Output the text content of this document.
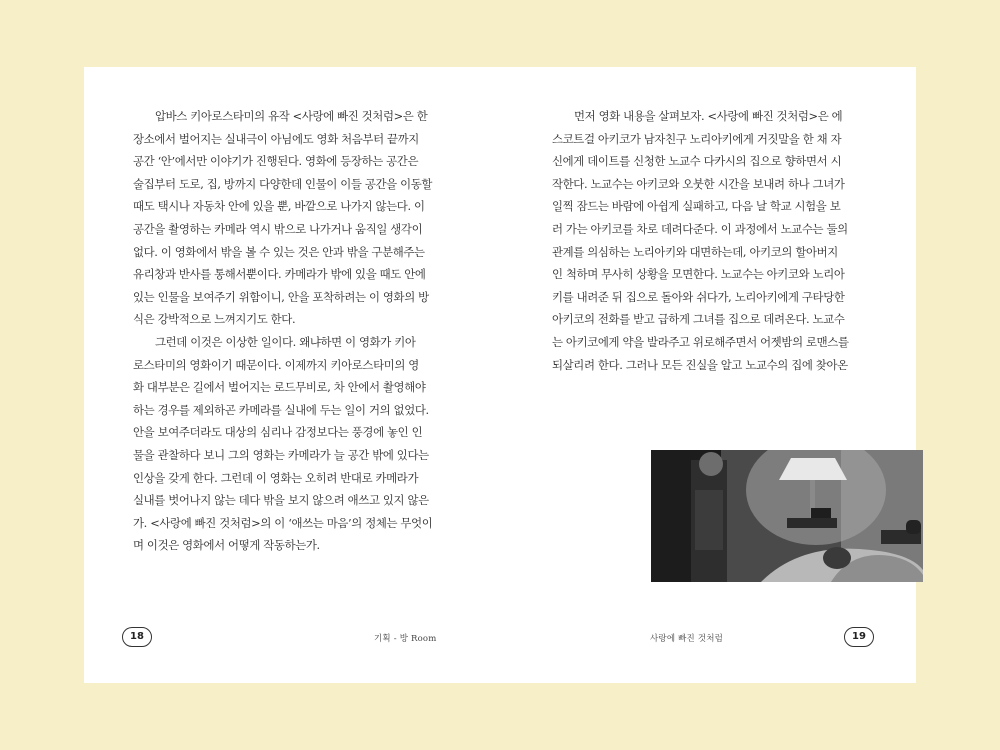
압바스 키아로스타미의 유작 <사랑에 빠진 것처럼>은 한
장소에서 벌어지는 실내극이 아님에도 영화 처음부터 끝까지
공간 ‘안’에서만 이야기가 진행된다. 영화에 등장하는 공간은
술집부터 도로, 집, 방까지 다양한데 인물이 이들 공간을 이동할
때도 택시나 자동차 안에 있을 뿐, 바깥으로 나가지 않는다. 이
공간을 촬영하는 카메라 역시 밖으로 나가거나 움직일 생각이
없다. 이 영화에서 밖을 볼 수 있는 것은 안과 밖을 구분해주는
유리창과 반사를 통해서뿐이다. 카메라가 밖에 있을 때도 안에
있는 인물을 보여주기 위함이니, 안을 포착하려는 이 영화의 방
식은 강박적으로 느껴지기도 한다.
그런데 이것은 이상한 일이다. 왜냐하면 이 영화가 키아
로스타미의 영화이기 때문이다. 이제까지 키아로스타미의 영
화 대부분은 길에서 벌어지는 로드무비로, 차 안에서 촬영해야
하는 경우를 제외하곤 카메라를 실내에 두는 일이 거의 없었다.
안을 보여주더라도 대상의 심리나 감정보다는 풍경에 놓인 인
물을 관찰하다 보니 그의 영화는 카메라가 늘 공간 밖에 있다는
인상을 갖게 한다. 그런데 이 영화는 오히려 반대로 카메라가
실내를 벗어나지 않는 데다 밖을 보지 않으려 애쓰고 있지 않은
가. <사랑에 빠진 것처럼>의 이 ‘애쓰는 마음’의 정체는 무엇이
며 이것은 영화에서 어떻게 작동하는가.
18	기획 - 방 Room
먼저 영화 내용을 살펴보자. <사랑에 빠진 것처럼>은 에
스코트걸 아키코가 남자친구 노리아키에게 거짓말을 한 채 자
신에게 데이트를 신청한 노교수 다카시의 집으로 향하면서 시
작한다. 노교수는 아키코와 오붓한 시간을 보내려 하나 그녀가
일찍 잠드는 바람에 아쉽게 실패하고, 다음 날 학교 시험을 보
러 가는 아키코를 차로 데려다준다. 이 과정에서 노교수는 둘의
관계를 의심하는 노리아키와 대면하는데, 아키코의 할아버지
인 척하며 무사히 상황을 모면한다. 노교수는 아키코와 노리아
키를 내려준 뒤 집으로 돌아와 쉬다가, 노리아키에게 구타당한
아키코의 전화를 받고 급하게 그녀를 집으로 데려온다. 노교수
는 아키코에게 약을 발라주고 위로해주면서 어젯밤의 로맨스를
되살리려 한다. 그러나 모든 진실을 알고 노교수의 집에 찾아온
19
사랑에 빠진 것처럼
